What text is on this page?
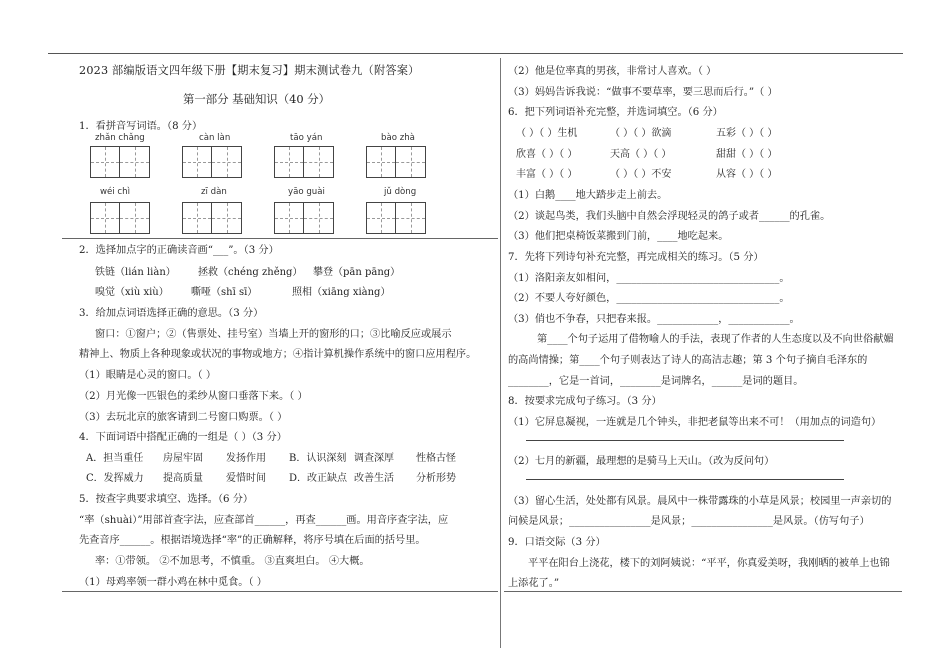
2023 部编版语文四年级下册【期末复习】期末测试卷九（附答案）
第一部分 基础知识（40 分）
1．看拼音写词语。（8 分）
zhǎn chǎng	càn làn	tāo yán	bào zhà
wéi chì	zī dàn	yāo guài	jǔ dòng
2．选择加点字的正确读音画“___”。（3 分）
铁链（lián liàn） 拯救（chéng zhěng） 攀登（pān pāng）
嗅觉（xiù xiù） 嘶哑（shī sī）	照相（xiāng xiàng）
3．给加点词语选择正确的意思。（3 分）
窗口：①窗户；②（售票处、挂号室）当墙上开的窗形的口；③比喻反应或展示
精神上、物质上各种现象或状况的事物或地方；④指计算机操作系统中的窗口应用程序。
（1）眼睛是心灵的窗口。（ ）
（2）月光像一匹银色的柔纱从窗口垂落下来。（ ）
（3）去玩北京的旅客请到二号窗口购票。（ ）
4．下面词语中搭配正确的一组是（ ）（3 分）
A．担当重任 房屋牢固 发扬作用 B．认识深刻 调查深厚 性格古怪
C．发挥威力 提高质量 爱惜时间 D．改正缺点 改善生活 分析形势
5．按查字典要求填空、选择。（6 分）
“率（shuài）”用部首查字法，应查部首______，再查______画。用音序查字法，应
先查音序______。根据语境选择“率”的正确解释，将序号填在后面的括号里。
率：①带领。 ②不加思考，不慎重。 ③直爽坦白。 ④大概。
（1）母鸡率领一群小鸡在林中觅食。（ ）
（2）他是位率真的男孩，非常讨人喜欢。（ ）
（3）妈妈告诉我说：“做事不要草率，要三思而后行。”（ ）
6．把下列词语补充完整，并选词填空。（6 分）
（ ）（ ）生机	（ ）（ ）欲滴	五彩（ ）（ ）
欣喜（ ）（ ）	天高（ ）（ ）	甜甜（ ）（ ）
丰富（ ）（ ）	（ ）（ ）不安	从容（ ）（ ）
（1）白鹅____地大踏步走上前去。
（2）谈起鸟类，我们头脑中自然会浮现轻灵的鸽子或者______的孔雀。
（3）他们把桌椅饭菜搬到门前，____地吃起来。
7．先将下列诗句补充完整，再完成相关的练习。（5 分）
（1）洛阳亲友如相问，________________________________。
（2）不要人夸好颜色，________________________________。
（3）俏也不争春，只把春来报。____________，____________。
第____个句子运用了借物喻人的手法，表现了作者的人生态度以及不向世俗献媚
的高尚情操；第____个句子则表达了诗人的高洁志趣；第 3 个句子摘自毛泽东的
________，它是一首词，________是词牌名，______是词的题目。
8．按要求完成句子练习。（3 分）
（1）它屏息凝视，一连就是几个钟头，非把老鼠等出来不可！（用加点的词造句）
（2）七月的新疆，最理想的是骑马上天山。（改为反问句）
（3）留心生活，处处都有风景。晨风中一株带露珠的小草是风景；校园里一声亲切的
问候是风景；________________是风景；________________是风景。（仿写句子）
9．口语交际（3 分）
平平在阳台上浇花，楼下的刘阿姨说：“平平，你真爱美呀，我刚晒的被单上也锦
上添花了。”
